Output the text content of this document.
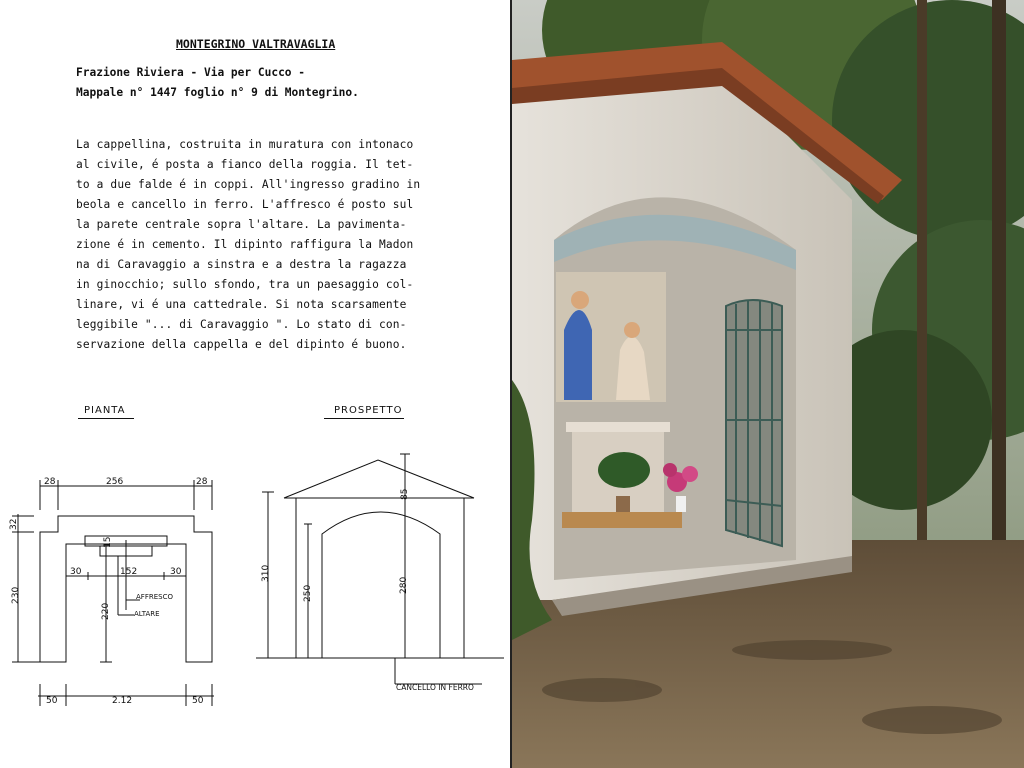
MONTEGRINO VALTRAVAGLIA
Frazione Riviera - Via per Cucco -
Mappale n° 1447 foglio n° 9 di Montegrino.
La cappellina, costruita in muratura con intonaco
al civile, é posta a fianco della roggia. Il tet-
to a due falde é in coppi. All'ingresso gradino in
beola e cancello in ferro. L'affresco é posto sul
la parete centrale sopra l'altare. La pavimenta-
zione é in cemento. Il dipinto raffigura la Madon
na di Caravaggio a sinstra e a destra la ragazza
in ginocchio; sullo sfondo, tra un paesaggio col-
linare, vi é una cattedrale. Si nota scarsamente
leggibile "... di Caravaggio ". Lo stato di con-
servazione della cappella e del dipinto é buono.
PIANTA	PROSPETTO
28	256	28
32
230
15
30	152	30
220
AFFRESCO
ALTARE
50	2.12	50
310
250	280
85
CANCELLO IN FERRO
